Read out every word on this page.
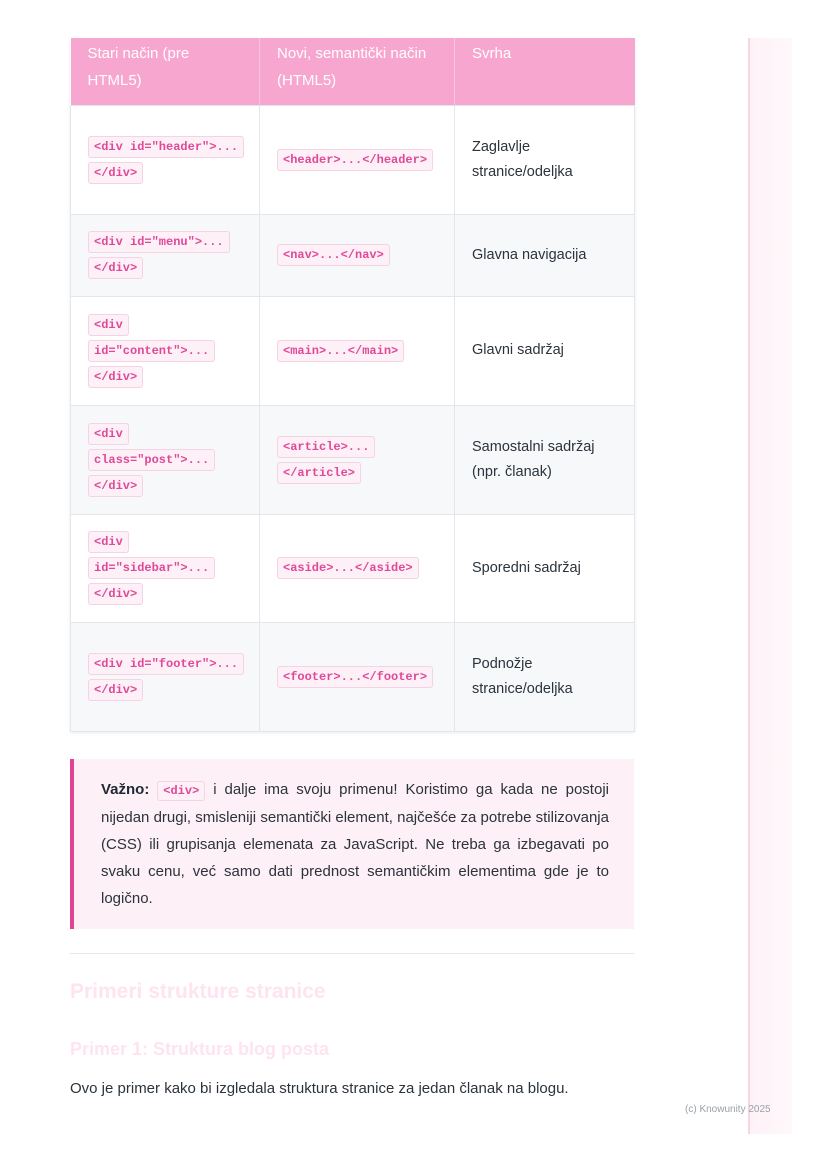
Stari način (pre HTML5)	Novi, semantički način (HTML5)	Svrha
<div id="header">...</div>	<header>...</header>	Zaglavlje stranice/odeljka
<div id="menu">...</div>	<nav>...</nav>	Glavna navigacija
<div id="content">...</div>	<main>...</main>	Glavni sadržaj
<div class="post">...</div>	<article>...</article>	Samostalni sadržaj (npr. članak)
<div id="sidebar">...</div>	<aside>...</aside>	Sporedni sadržaj
<div id="footer">...</div>	<footer>...</footer>	Podnožje stranice/odeljka
Važno: <div> i dalje ima svoju primenu! Koristimo ga kada ne postoji nijedan drugi, smisleniji semantički element, najčešće za potrebe stilizovanja (CSS) ili grupisanja elemenata za JavaScript. Ne treba ga izbegavati po svaku cenu, već samo dati prednost semantičkim elementima gde je to logično.
Primeri strukture stranice
Primer 1: Struktura blog posta
Ovo je primer kako bi izgledala struktura stranice za jedan članak na blogu.
(c) Knowunity 2025
